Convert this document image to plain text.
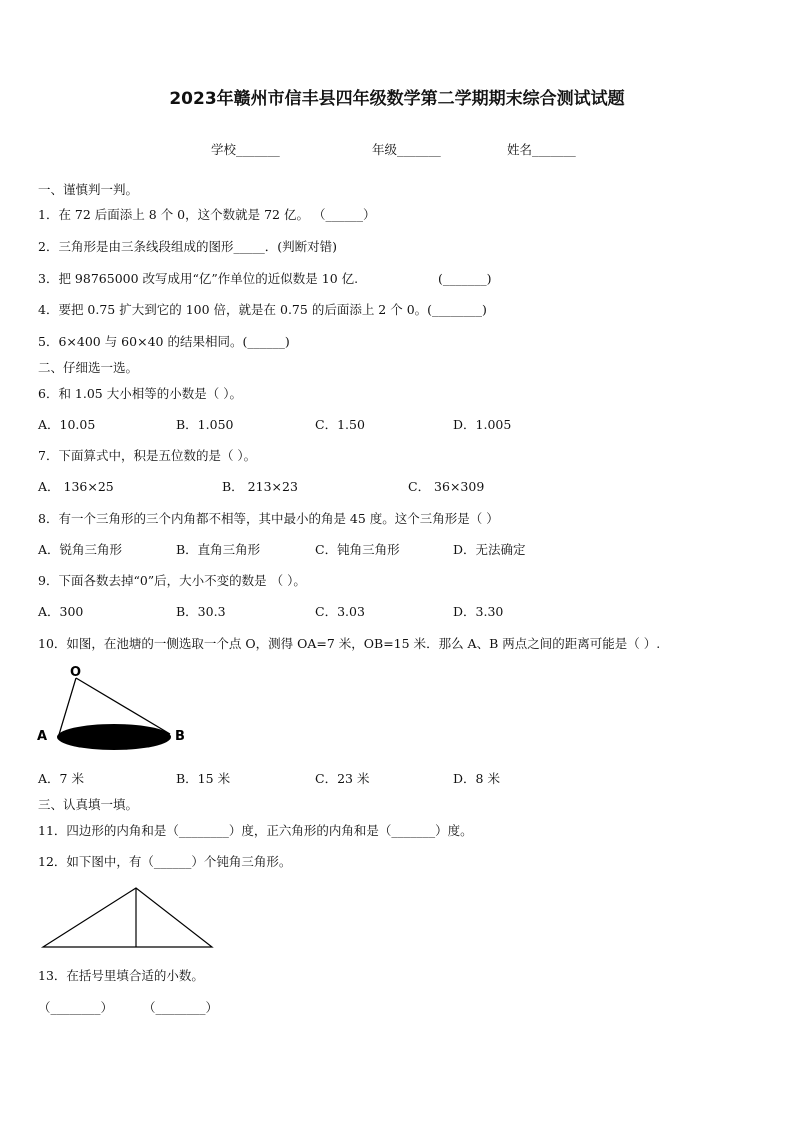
2023年赣州市信丰县四年级数学第二学期期末综合测试试题
学校_______	年级_______	姓名_______
一、谨慎判一判。
1．在 72 后面添上 8 个 0，这个数就是 72 亿。 （______）
2．三角形是由三条线段组成的图形_____．(判断对错)
3．把 98765000 改写成用“亿”作单位的近似数是 10 亿.	(_______)
4．要把 0.75 扩大到它的 100 倍，就是在 0.75 的后面添上 2 个 0。(________)
5．6×400 与 60×40 的结果相同。(______)
二、仔细选一选。
6．和 1.05 大小相等的小数是（ ）。
A．10.05	B．1.050	C．1.50	D．1.005
7．下面算式中，积是五位数的是（ ）。
A． 136×25	B． 213×23	C． 36×309
8．有一个三角形的三个内角都不相等，其中最小的角是 45 度。这个三角形是（ ）
A．锐角三角形	B．直角三角形	C．钝角三角形	D．无法确定
9．下面各数去掉“0”后，大小不变的数是 （ ）。
A．300	B．30.3	C．3.03	D．3.30
10．如图，在池塘的一侧选取一个点 O，测得 OA=7 米，OB=15 米．那么 A、B 两点之间的距离可能是（ ）.
O
A	B
A．7 米	B．15 米	C．23 米	D．8 米
三、认真填一填。
11．四边形的内角和是（________）度，正六角形的内角和是（_______）度。
12．如下图中，有（______）个钝角三角形。
13．在括号里填合适的小数。
（________） （________）
